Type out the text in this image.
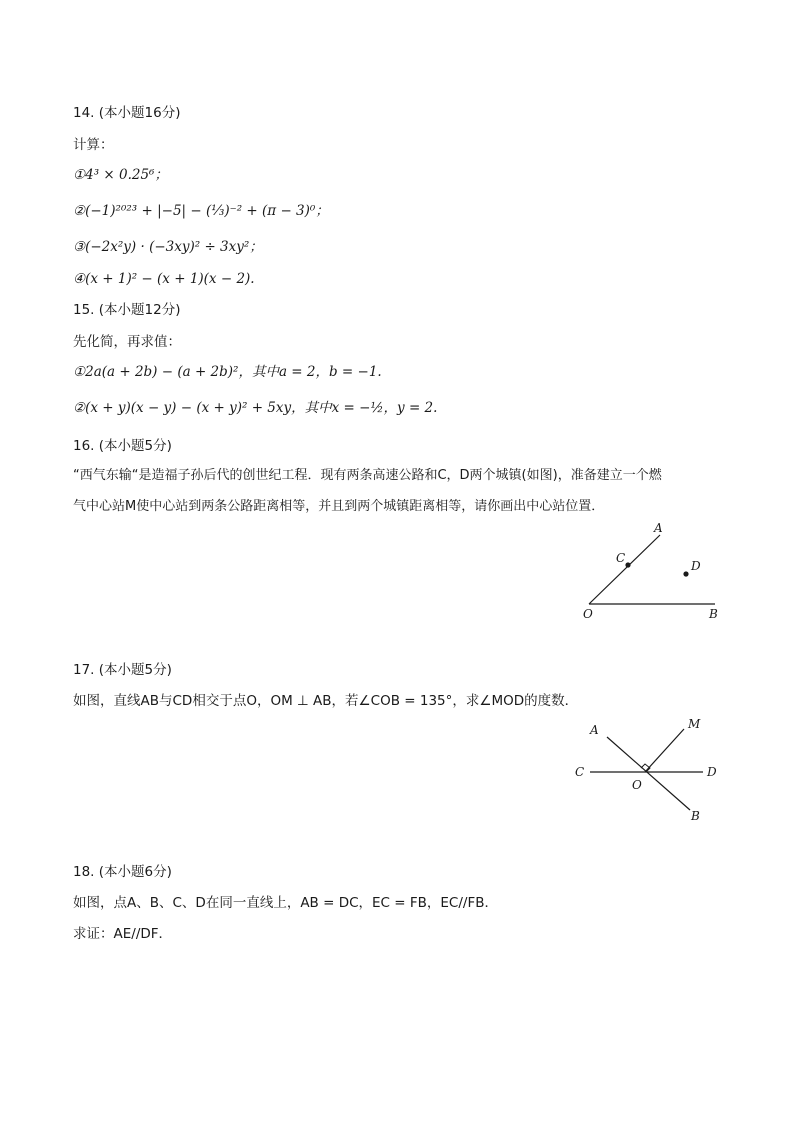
14. (本小题16分)
计算：
①4³ × 0.25⁶；
②(−1)²⁰²³ + |−5| − (⅓)⁻² + (π − 3)⁰；
③(−2x²y) · (−3xy)² ÷ 3xy²；
④(x + 1)² − (x + 1)(x − 2).
15. (本小题12分)
先化简，再求值：
①2a(a + 2b) − (a + 2b)²，其中a = 2，b = −1.
②(x + y)(x − y) − (x + y)² + 5xy，其中x = −½，y = 2.
16. (本小题5分)
“西气东输“是造福子孙后代的创世纪工程．现有两条高速公路和C，D两个城镇(如图)，准备建立一个燃
气中心站M使中心站到两条公路距离相等，并且到两个城镇距离相等，请你画出中心站位置．
A
C
D
O	B
17. (本小题5分)
如图，直线AB与CD相交于点O，OM ⊥ AB，若∠COB = 135°，求∠MOD的度数．
A	M
C	D
O
B
18. (本小题6分)
如图，点A、B、C、D在同一直线上，AB = DC，EC = FB，EC//FB．
求证：AE//DF．
